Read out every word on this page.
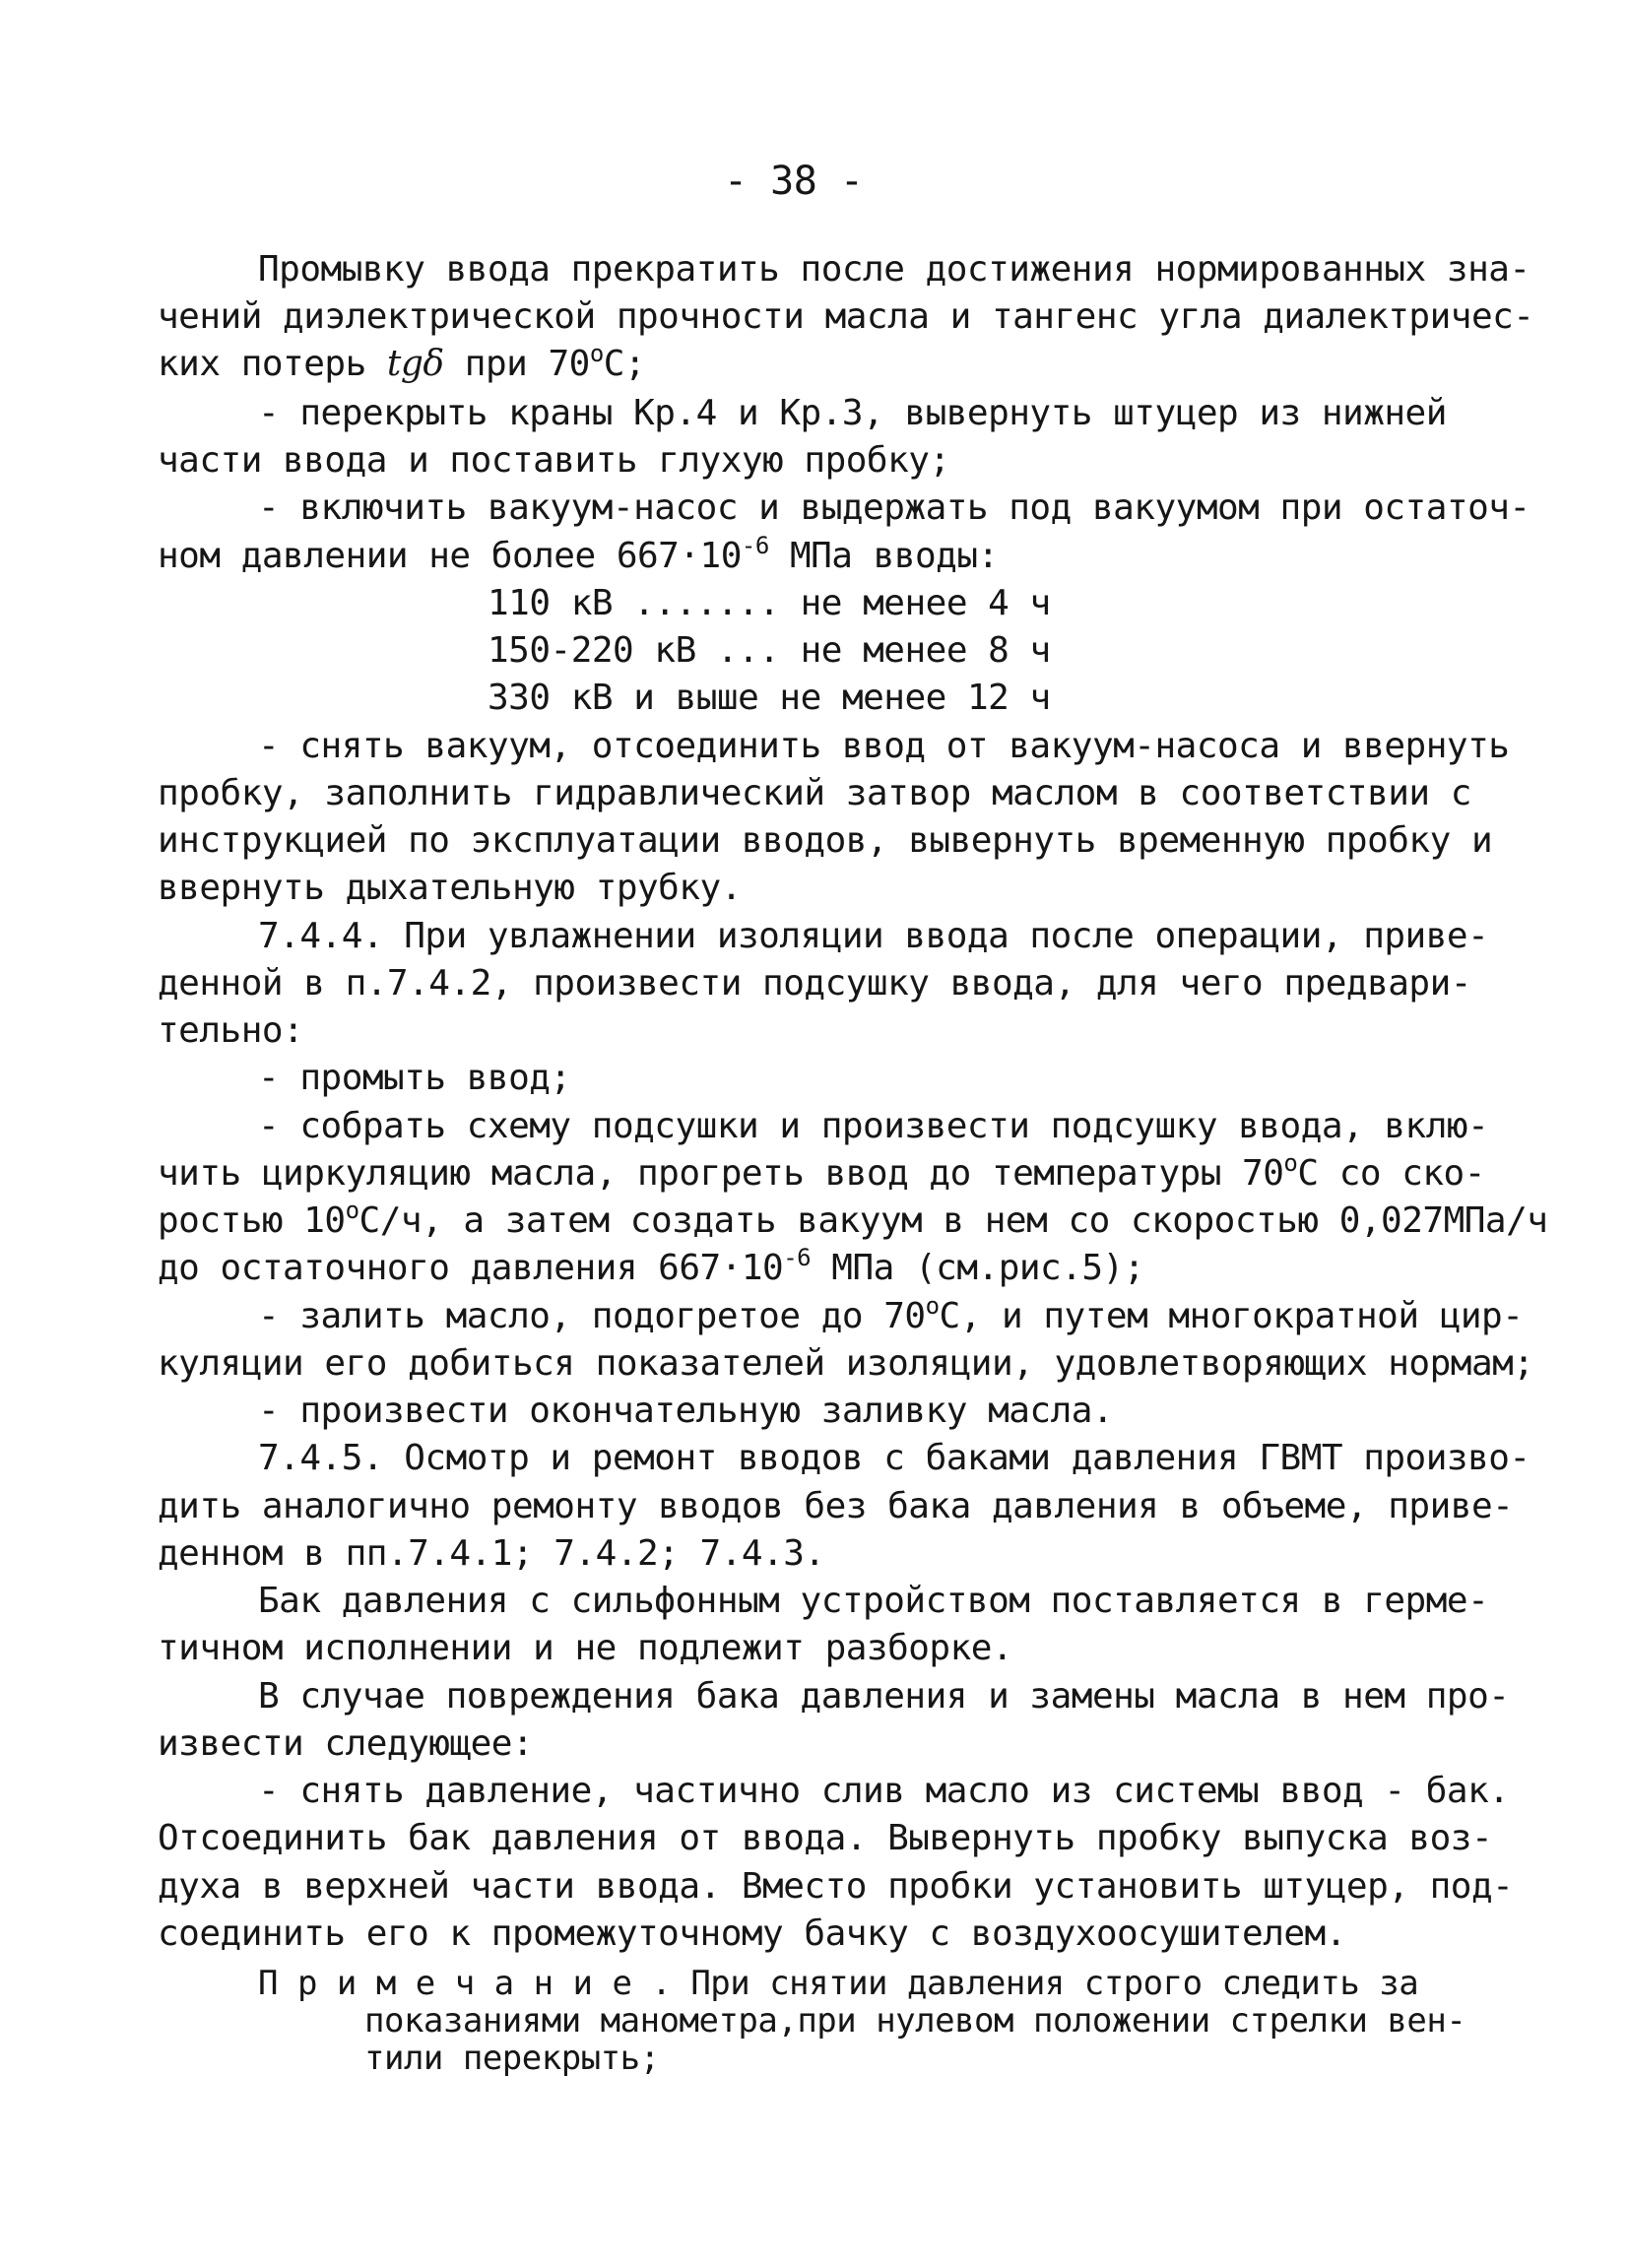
- 38 -
Промывку ввода прекратить после достижения нормированных зна-
чений диэлектрической прочности масла и тангенс угла диалектричес-
ких потерь tgδ при $70^оС$;
- перекрыть краны Кр.4 и Кр.3, вывернуть штуцер из нижней
части ввода и поставить глухую пробку;
- включить вакуум-насос и выдержать под вакуумом при остаточ-
ном давлении не более $667\cdot 10^{-6}$ МПа вводы:
110 кВ ....... не менее 4 ч
150-220 кВ ... не менее 8 ч
330 кВ и выше не менее 12 ч
- снять вакуум, отсоединить ввод от вакуум-насоса и ввернуть
пробку, заполнить гидравлический затвор маслом в соответствии с
инструкцией по эксплуатации вводов, вывернуть временную пробку и
ввернуть дыхательную трубку.
7.4.4. При увлажнении изоляции ввода после операции, приве-
денной в п.7.4.2, произвести подсушку ввода, для чего предвари-
тельно:
- промыть ввод;
- собрать схему подсушки и произвести подсушку ввода, вклю-
чить циркуляцию масла, прогреть ввод до температуры $70^оС$ со ско-
ростью $10^оС/ч$, а затем создать вакуум в нем со скоростью 0,027МПа/ч
до остаточного давления $667\cdot 10^{-6}$ МПа (см.рис.5);
- залить масло, подогретое до $70^оС$, и путем многократной цир-
куляции его добиться показателей изоляции, удовлетворяющих нормам;
- произвести окончательную заливку масла.
7.4.5. Осмотр и ремонт вводов с баками давления ГВМТ произво-
дить аналогично ремонту вводов без бака давления в объеме, приве-
денном в пп.7.4.1; 7.4.2; 7.4.3.
Бак давления с сильфонным устройством поставляется в герме-
тичном исполнении и не подлежит разборке.
В случае повреждения бака давления и замены масла в нем про-
извести следующее:
- снять давление, частично слив масло из системы ввод - бак.
Отсоединить бак давления от ввода. Вывернуть пробку выпуска воз-
духа в верхней части ввода. Вместо пробки установить штуцер, под-
соединить его к промежуточному бачку с воздухоосушителем.
П р и м е ч а н и е . При снятии давления строго следить за
показаниями манометра,при нулевом положении стрелки вен-
тили перекрыть;
